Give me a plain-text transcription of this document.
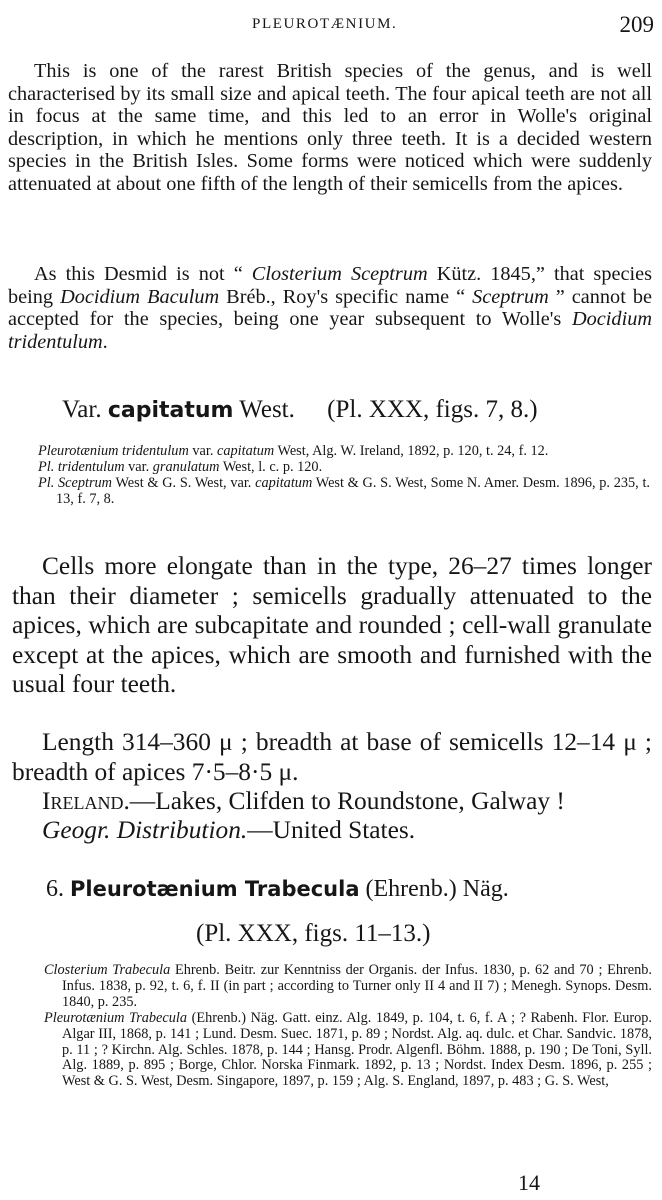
PLEUROTÆNIUM.	209

This is one of the rarest British species of the genus, and is well characterised by its small size and apical teeth. The four apical teeth are not all in focus at the same time, and this led to an error in Wolle's original description, in which he mentions only three teeth. It is a decided western species in the British Isles. Some forms were noticed which were suddenly attenuated at about one fifth of the length of their semicells from the apices.

As this Desmid is not “ Closterium Sceptrum Kütz. 1845,” that species being Docidium Baculum Bréb., Roy's specific name “ Sceptrum ” cannot be accepted for the species, being one year subsequent to Wolle's Docidium tridentulum.

Var. capitatum West. (Pl. XXX, figs. 7, 8.)

Pleurotænium tridentulum var. capitatum West, Alg. W. Ireland, 1892, p. 120, t. 24, f. 12.

Pl. tridentulum var. granulatum West, l. c. p. 120.

Pl. Sceptrum West & G. S. West, var. capitatum West & G. S. West, Some N. Amer. Desm. 1896, p. 235, t. 13, f. 7, 8.

Cells more elongate than in the type, 26–27 times longer than their diameter ; semicells gradually attenuated to the apices, which are subcapitate and rounded ; cell-wall granulate except at the apices, which are smooth and furnished with the usual four teeth.

Length 314–360 μ ; breadth at base of semicells 12–14 μ ; breadth of apices 7·5–8·5 μ.

Ireland.—Lakes, Clifden to Roundstone, Galway !

Geogr. Distribution.—United States.

6. Pleurotænium Trabecula (Ehrenb.) Näg.
(Pl. XXX, figs. 11–13.)

Closterium Trabecula Ehrenb. Beitr. zur Kenntniss der Organis. der Infus. 1830, p. 62 and 70 ; Ehrenb. Infus. 1838, p. 92, t. 6, f. II (in part ; according to Turner only II 4 and II 7) ; Menegh. Synops. Desm. 1840, p. 235.

Pleurotænium Trabecula (Ehrenb.) Näg. Gatt. einz. Alg. 1849, p. 104, t. 6, f. A ; ? Rabenh. Flor. Europ. Algar III, 1868, p. 141 ; Lund. Desm. Suec. 1871, p. 89 ; Nordst. Alg. aq. dulc. et Char. Sandvic. 1878, p. 11 ; ? Kirchn. Alg. Schles. 1878, p. 144 ; Hansg. Prodr. Algenfl. Böhm. 1888, p. 190 ; De Toni, Syll. Alg. 1889, p. 895 ; Borge, Chlor. Norska Finmark. 1892, p. 13 ; Nordst. Index Desm. 1896, p. 255 ; West & G. S. West, Desm. Singapore, 1897, p. 159 ; Alg. S. England, 1897, p. 483 ; G. S. West,

14
